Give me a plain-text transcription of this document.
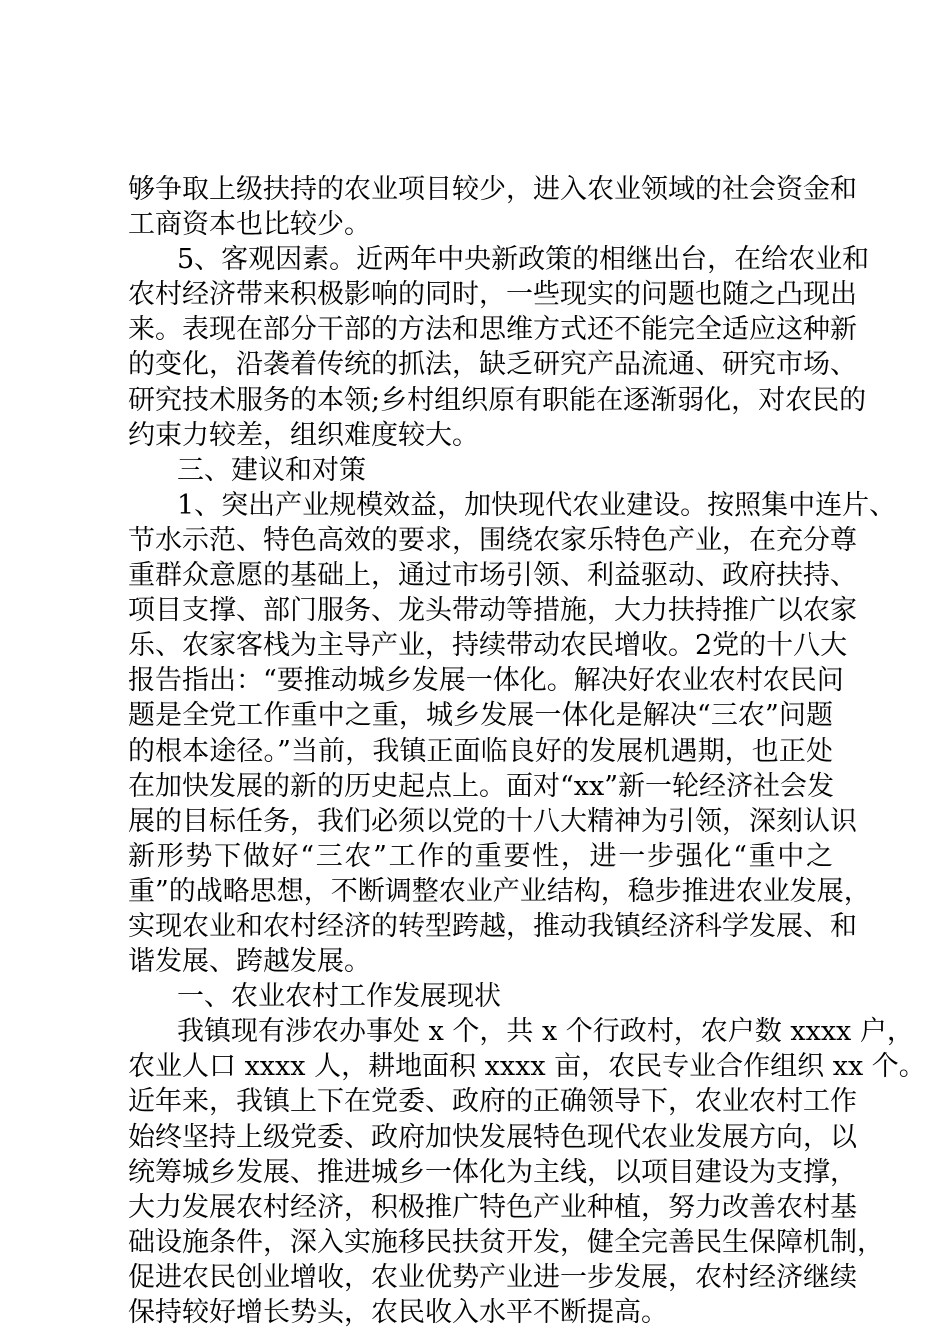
够争取上级扶持的农业项目较少，进入农业领域的社会资金和
工商资本也比较少。
5、客观因素。近两年中央新政策的相继出台，在给农业和
农村经济带来积极影响的同时，一些现实的问题也随之凸现出
来。表现在部分干部的方法和思维方式还不能完全适应这种新
的变化，沿袭着传统的抓法，缺乏研究产品流通、研究市场、
研究技术服务的本领;乡村组织原有职能在逐渐弱化，对农民的
约束力较差，组织难度较大。
三、建议和对策
1、突出产业规模效益，加快现代农业建设。按照集中连片、
节水示范、特色高效的要求，围绕农家乐特色产业，在充分尊
重群众意愿的基础上，通过市场引领、利益驱动、政府扶持、
项目支撑、部门服务、龙头带动等措施，大力扶持推广以农家
乐、农家客栈为主导产业，持续带动农民增收。2党的十八大
报告指出：“要推动城乡发展一体化。解决好农业农村农民问
题是全党工作重中之重，城乡发展一体化是解决“三农”问题
的根本途径。”当前，我镇正面临良好的发展机遇期，也正处
在加快发展的新的历史起点上。面对“xx”新一轮经济社会发
展的目标任务，我们必须以党的十八大精神为引领，深刻认识
新形势下做好“三农”工作的重要性，进一步强化“重中之
重”的战略思想，不断调整农业产业结构，稳步推进农业发展，
实现农业和农村经济的转型跨越，推动我镇经济科学发展、和
谐发展、跨越发展。
一、农业农村工作发展现状
我镇现有涉农办事处 x 个，共 x 个行政村，农户数 xxxx 户，
农业人口 xxxx 人，耕地面积 xxxx 亩，农民专业合作组织 xx 个。
近年来，我镇上下在党委、政府的正确领导下，农业农村工作
始终坚持上级党委、政府加快发展特色现代农业发展方向，以
统筹城乡发展、推进城乡一体化为主线，以项目建设为支撑，
大力发展农村经济，积极推广特色产业种植，努力改善农村基
础设施条件，深入实施移民扶贫开发，健全完善民生保障机制，
促进农民创业增收，农业优势产业进一步发展，农村经济继续
保持较好增长势头，农民收入水平不断提高。
